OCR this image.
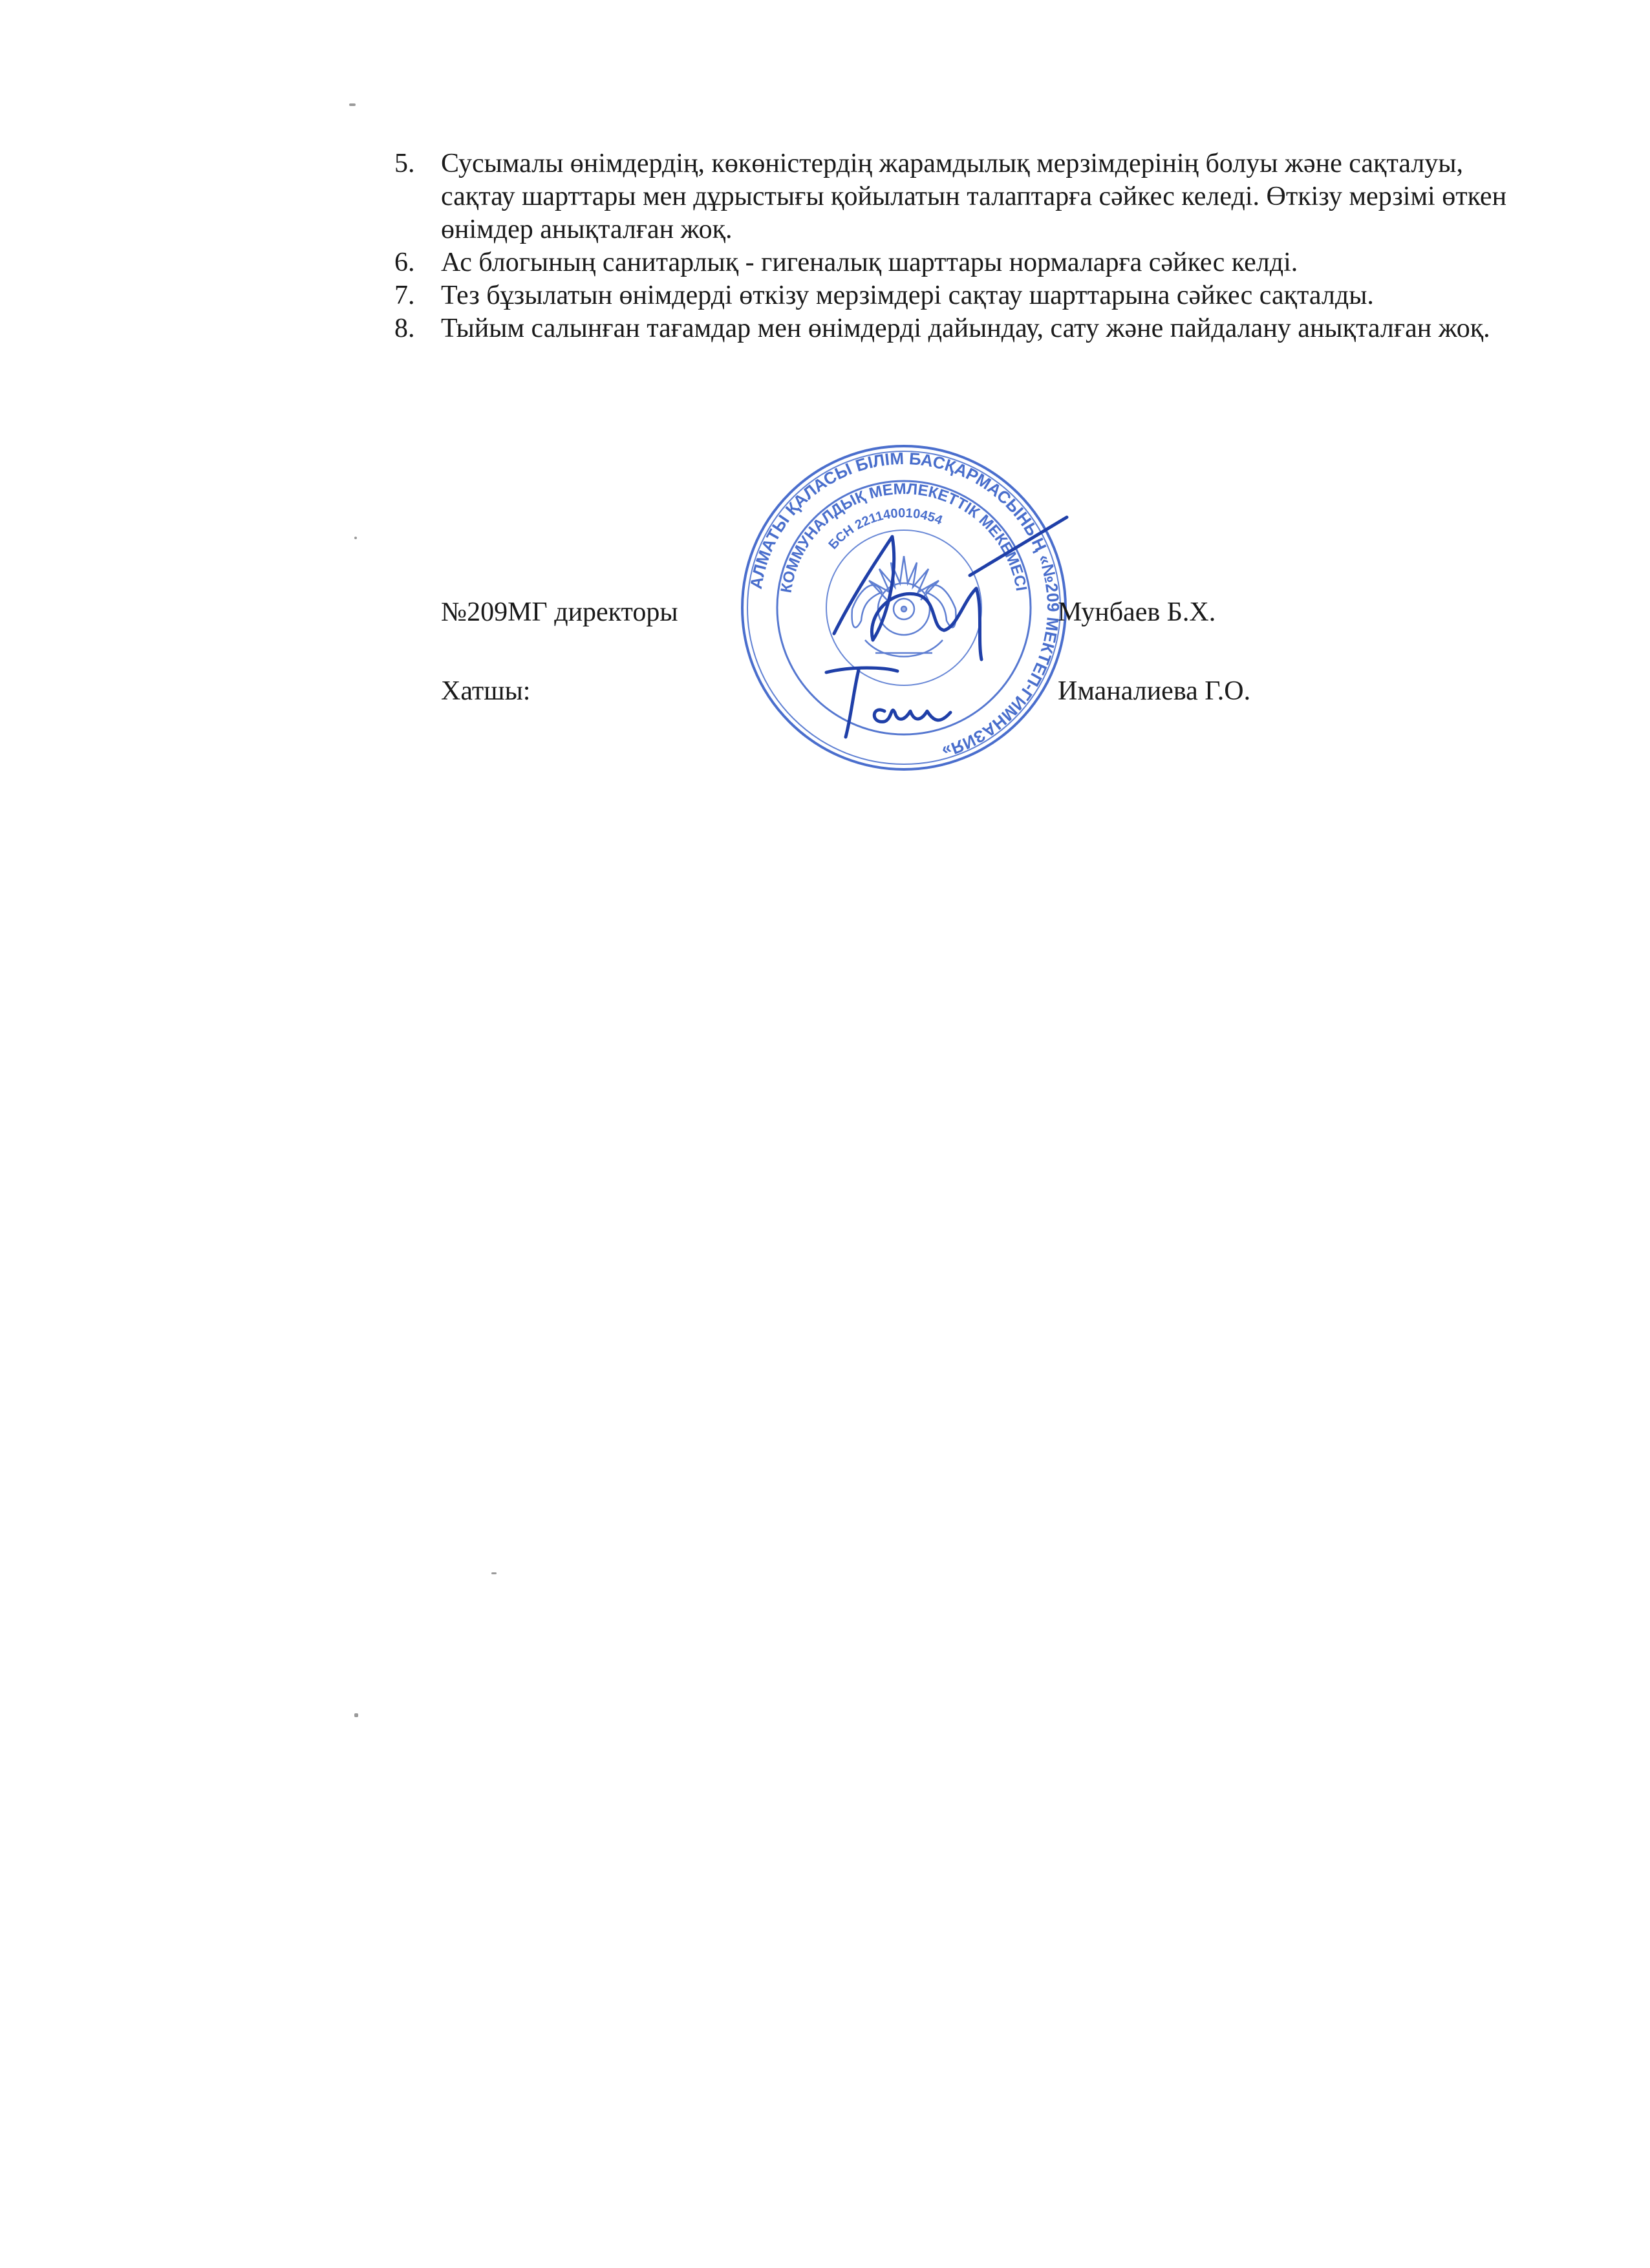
5. Сусымалы өнімдердің, көкөністердің жарамдылық мерзімдерінің болуы және сақталуы, сақтау шарттары мен дұрыстығы қойылатын талаптарға сәйкес келеді. Өткізу мерзімі өткен өнімдер анықталған жоқ.
6. Ас блогының санитарлық - гигеналық шарттары нормаларға сәйкес келді.
7. Тез бұзылатын өнімдерді өткізу мерзімдері сақтау шарттарына сәйкес сақталды.
8. Тыйым салынған тағамдар мен өнімдерді дайындау, сату және пайдалану анықталған жоқ.
АЛМАТЫ ҚАЛАСЫ БІЛІМ БАСҚАРМАСЫНЫҢ «№209 МЕКТЕП-ГИМНАЗИЯ»
КОММУНАЛДЫҚ МЕМЛЕКЕТТІК МЕКЕМЕСІ
БСН 221140010454
№209МГ директоры	Мунбаев Б.Х.
Хатшы:	Иманалиева Г.О.
